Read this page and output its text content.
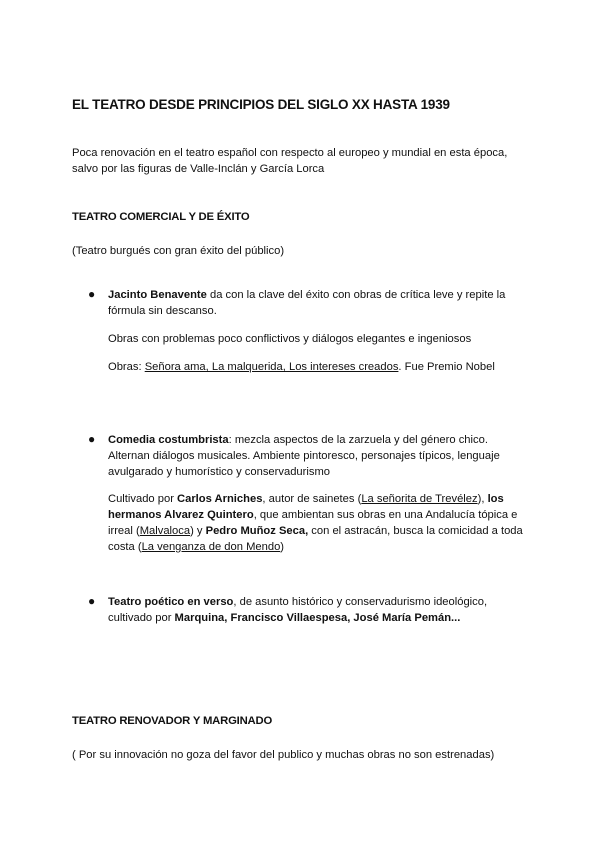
EL TEATRO DESDE PRINCIPIOS DEL SIGLO XX HASTA 1939
Poca renovación en el teatro español con respecto al europeo y mundial en esta época, salvo por las figuras de Valle-Inclán y García Lorca
TEATRO COMERCIAL Y DE ÉXITO
(Teatro burgués con gran éxito del público)
● Jacinto Benavente da con la clave del éxito con obras de crítica leve y repite la fórmula sin descanso.
Obras con problemas poco conflictivos y diálogos elegantes e ingeniosos
Obras: Señora ama, La malquerida, Los intereses creados. Fue Premio Nobel
● Comedia costumbrista: mezcla aspectos de la zarzuela y del género chico. Alternan diálogos musicales. Ambiente pintoresco, personajes típicos, lenguaje avulgarado y humorístico y conservadurismo
Cultivado por Carlos Arniches, autor de sainetes (La señorita de Trevélez), los hermanos Alvarez Quintero, que ambientan sus obras en una Andalucía tópica e irreal (Malvaloca) y Pedro Muñoz Seca, con el astracán, busca la comicidad a toda costa (La venganza de don Mendo)
● Teatro poético en verso, de asunto histórico y conservadurismo ideológico, cultivado por Marquina, Francisco Villaespesa, José María Pemán...
TEATRO RENOVADOR Y MARGINADO
( Por su innovación no goza del favor del publico y muchas obras no son estrenadas)
